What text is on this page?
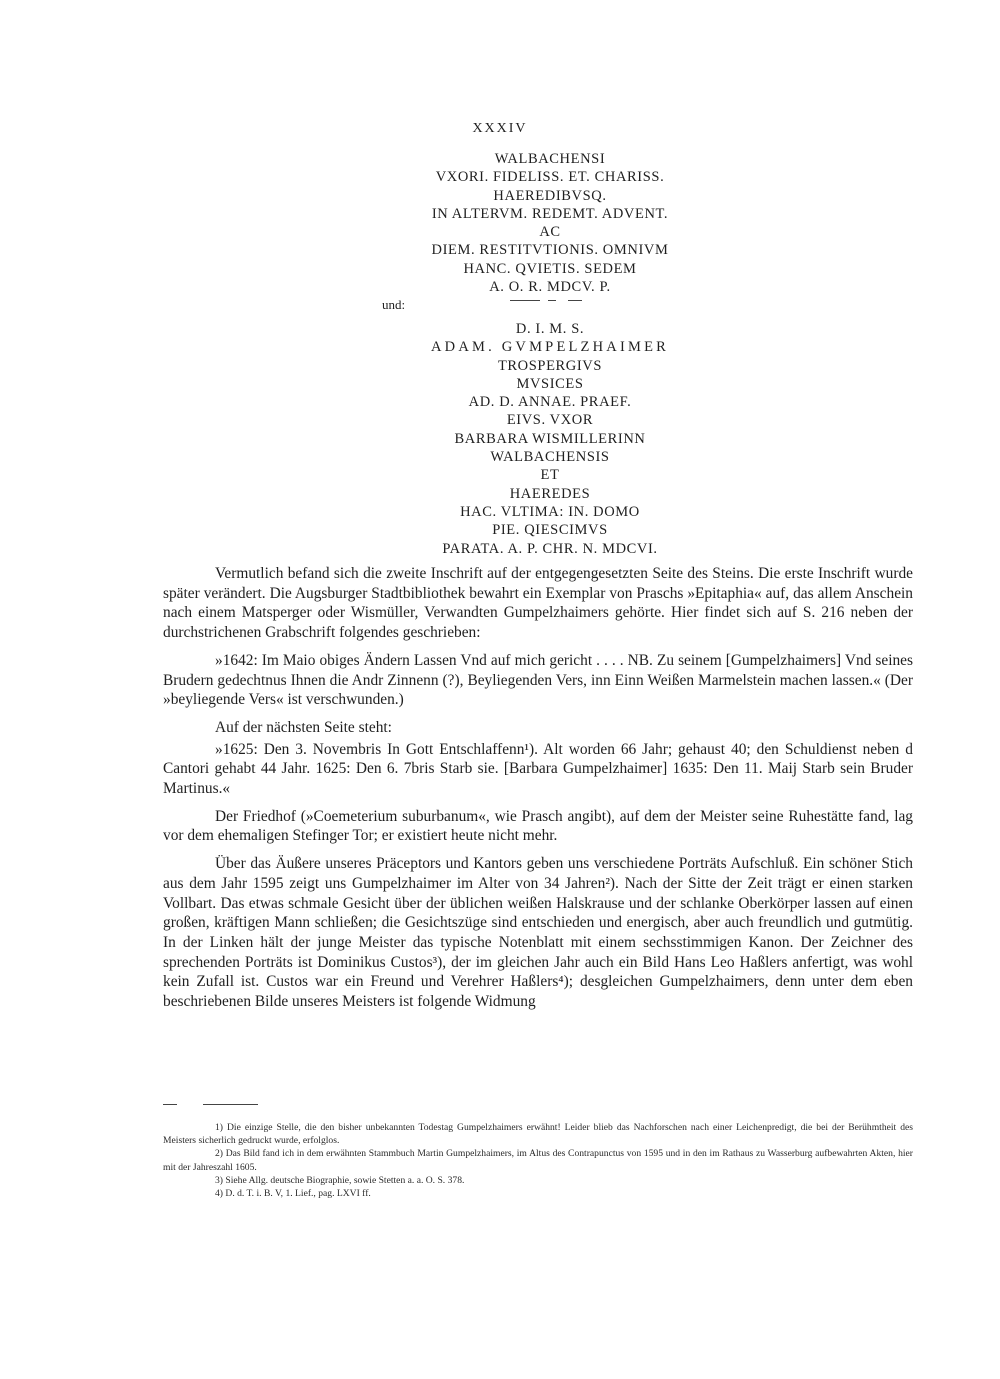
XXXIV
WALBACHENSI
VXORI. FIDELISS. ET. CHARISS.
HAEREDIBVSQ.
IN ALTERVM. REDEMT. ADVENT.
AC
DIEM. RESTITVTIONIS. OMNIVM
HANC. QVIETIS. SEDEM
A. O. R. MDCV. P.
und:
D. I. M. S.
ADAM. GVMPELZHAIMER
TROSPERGIVS
MVSICES
AD. D. ANNAE. PRAEF.
EIVS. VXOR
BARBARA WISMILLERINN
WALBACHENSIS
ET
HAEREDES
HAC. VLTIMA: IN. DOMO
PIE. QIESCIMVS
PARATA. A. P. CHR. N. MDCVI.

Vermutlich befand sich die zweite Inschrift auf der entgegengesetzten Seite des Steins. Die erste Inschrift wurde später verändert. Die Augsburger Stadtbibliothek bewahrt ein Exemplar von Praschs »Epitaphia« auf, das allem Anschein nach einem Matsperger oder Wismüller, Verwandten Gumpelzhaimers gehörte. Hier findet sich auf S. 216 neben der durchstrichenen Grabschrift folgendes geschrieben:

»1642: Im Maio obiges Ändern Lassen Vnd auf mich gericht . . . . NB. Zu seinem [Gumpelzhaimers] Vnd seines Brudern gedechtnus Ihnen die Andr Zinnenn (?), Beyliegenden Vers, inn Einn Weißen Marmelstein machen lassen.« (Der »beyliegende Vers« ist verschwunden.)

Auf der nächsten Seite steht:

»1625: Den 3. Novembris In Gott Entschlaffenn¹). Alt worden 66 Jahr; gehaust 40; den Schuldienst neben d Cantori gehabt 44 Jahr. 1625: Den 6. 7bris Starb sie. [Barbara Gumpelzhaimer] 1635: Den 11. Maij Starb sein Bruder Martinus.«

Der Friedhof (»Coemeterium suburbanum«, wie Prasch angibt), auf dem der Meister seine Ruhestätte fand, lag vor dem ehemaligen Stefinger Tor; er existiert heute nicht mehr.

Über das Äußere unseres Präceptors und Kantors geben uns verschiedene Porträts Aufschluß. Ein schöner Stich aus dem Jahr 1595 zeigt uns Gumpelzhaimer im Alter von 34 Jahren²). Nach der Sitte der Zeit trägt er einen starken Vollbart. Das etwas schmale Gesicht über der üblichen weißen Halskrause und der schlanke Oberkörper lassen auf einen großen, kräftigen Mann schließen; die Gesichtszüge sind entschieden und energisch, aber auch freundlich und gutmütig. In der Linken hält der junge Meister das typische Notenblatt mit einem sechsstimmigen Kanon. Der Zeichner des sprechenden Porträts ist Dominikus Custos³), der im gleichen Jahr auch ein Bild Hans Leo Haßlers anfertigt, was wohl kein Zufall ist. Custos war ein Freund und Verehrer Haßlers⁴); desgleichen Gumpelzhaimers, denn unter dem eben beschriebenen Bilde unseres Meisters ist folgende Widmung

1) Die einzige Stelle, die den bisher unbekannten Todestag Gumpelzhaimers erwähnt! Leider blieb das Nachforschen nach einer Leichenpredigt, die bei der Berühmtheit des Meisters sicherlich gedruckt wurde, erfolglos.

2) Das Bild fand ich in dem erwähnten Stammbuch Martin Gumpelzhaimers, im Altus des Contrapunctus von 1595 und in den im Rathaus zu Wasserburg aufbewahrten Akten, hier mit der Jahreszahl 1605.

3) Siehe Allg. deutsche Biographie, sowie Stetten a. a. O. S. 378.

4) D. d. T. i. B. V, 1. Lief., pag. LXVI ff.
